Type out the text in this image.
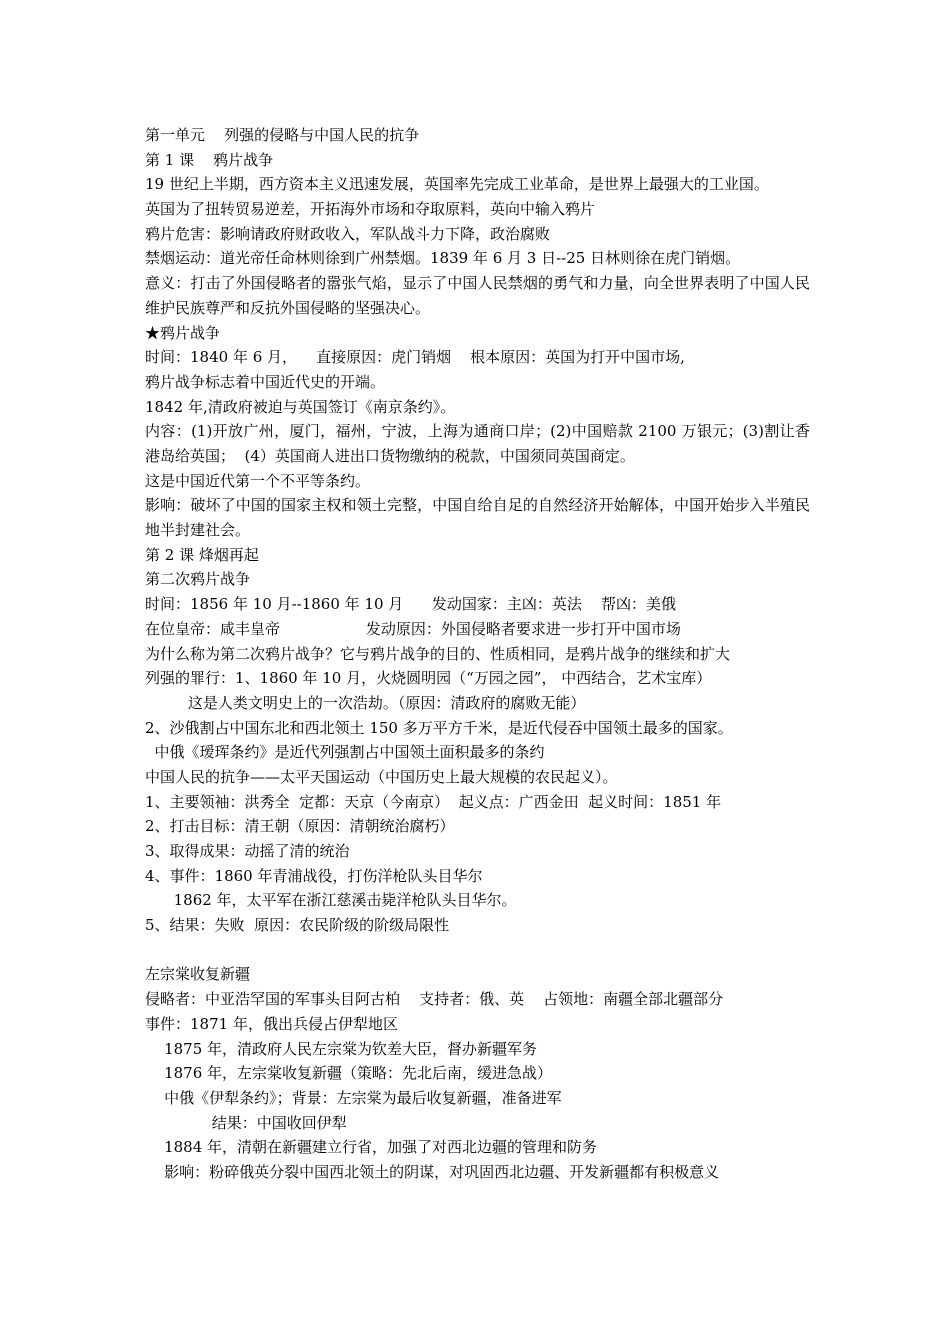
第一单元    列强的侵略与中国人民的抗争
第 1 课    鸦片战争
19 世纪上半期，西方资本主义迅速发展，英国率先完成工业革命，是世界上最强大的工业国。
英国为了扭转贸易逆差，开拓海外市场和夺取原料，英向中输入鸦片
鸦片危害：影响请政府财政收入，军队战斗力下降，政治腐败
禁烟运动：道光帝任命林则徐到广州禁烟。1839 年 6 月 3 日--25 日林则徐在虎门销烟。
意义：打击了外国侵略者的嚣张气焰，显示了中国人民禁烟的勇气和力量，向全世界表明了中国人民维护民族尊严和反抗外国侵略的坚强决心。
★鸦片战争
时间：1840 年 6 月，    直接原因：虎门销烟    根本原因：英国为打开中国市场,
鸦片战争标志着中国近代史的开端。
1842 年,清政府被迫与英国签订《南京条约》。
内容：(1)开放广州，厦门，福州，宁波，上海为通商口岸；(2)中国赔款 2100 万银元；(3)割让香港岛给英国；  (4）英国商人进出口货物缴纳的税款，中国须同英国商定。
这是中国近代第一个不平等条约。
影响：破坏了中国的国家主权和领土完整，中国自给自足的自然经济开始解体，中国开始步入半殖民地半封建社会。
第 2 课 烽烟再起
第二次鸦片战争
时间：1856 年 10 月--1860 年 10 月      发动国家：主凶：英法    帮凶：美俄
在位皇帝：咸丰皇帝                  发动原因：外国侵略者要求进一步打开中国市场
为什么称为第二次鸦片战争？它与鸦片战争的目的、性质相同，是鸦片战争的继续和扩大
列强的罪行：1、1860 年 10 月，火烧圆明园（“万园之园”， 中西结合，艺术宝库）
这是人类文明史上的一次浩劫。（原因：清政府的腐败无能）
2、沙俄割占中国东北和西北领土 150 多万平方千米，是近代侵吞中国领土最多的国家。
中俄《瑷珲条约》是近代列强割占中国领土面积最多的条约
中国人民的抗争——太平天国运动（中国历史上最大规模的农民起义）。
1、主要领袖：洪秀全  定都：天京（今南京）  起义点：广西金田  起义时间：1851 年
2、打击目标：清王朝（原因：清朝统治腐朽）
3、取得成果：动摇了清的统治
4、事件：1860 年青浦战役，打伤洋枪队头目华尔
1862 年，太平军在浙江慈溪击毙洋枪队头目华尔。
5、结果：失败  原因：农民阶级的阶级局限性
左宗棠收复新疆
侵略者：中亚浩罕国的军事头目阿古柏    支持者：俄、英    占领地：南疆全部北疆部分
事件：1871 年，俄出兵侵占伊犁地区
1875 年，清政府人民左宗棠为钦差大臣，督办新疆军务
1876 年，左宗棠收复新疆（策略：先北后南，缓进急战）
中俄《伊犁条约》；背景：左宗棠为最后收复新疆，准备进军
结果：中国收回伊犁
1884 年，清朝在新疆建立行省，加强了对西北边疆的管理和防务
影响：粉碎俄英分裂中国西北领土的阴谋，对巩固西北边疆、开发新疆都有积极意义
